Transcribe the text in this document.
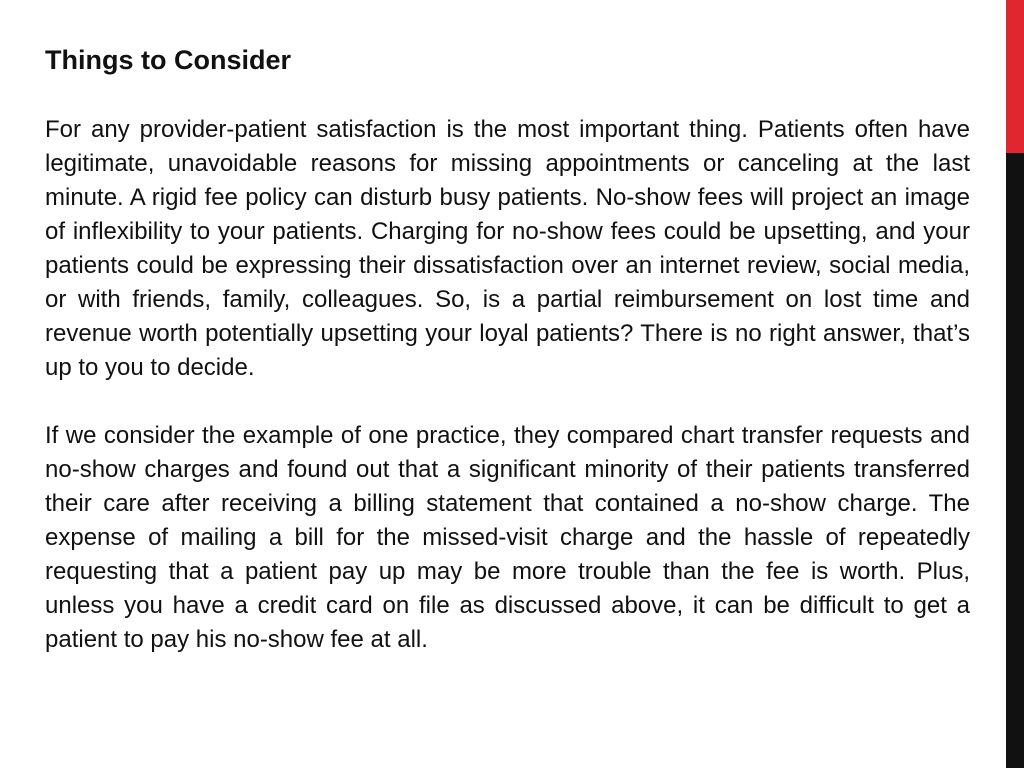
Things to Consider

For any provider-patient satisfaction is the most important thing. Patients often have legitimate, unavoidable reasons for missing appointments or canceling at the last minute. A rigid fee policy can disturb busy patients. No-show fees will project an image of inflexibility to your patients. Charging for no-show fees could be upsetting, and your patients could be expressing their dissatisfaction over an internet review, social media, or with friends, family, colleagues. So, is a partial reimbursement on lost time and revenue worth potentially upsetting your loyal patients? There is no right answer, that’s up to you to decide.

If we consider the example of one practice, they compared chart transfer requests and no-show charges and found out that a significant minority of their patients transferred their care after receiving a billing statement that contained a no-show charge. The expense of mailing a bill for the missed-visit charge and the hassle of repeatedly requesting that a patient pay up may be more trouble than the fee is worth. Plus, unless you have a credit card on file as discussed above, it can be difficult to get a patient to pay his no-show fee at all.
